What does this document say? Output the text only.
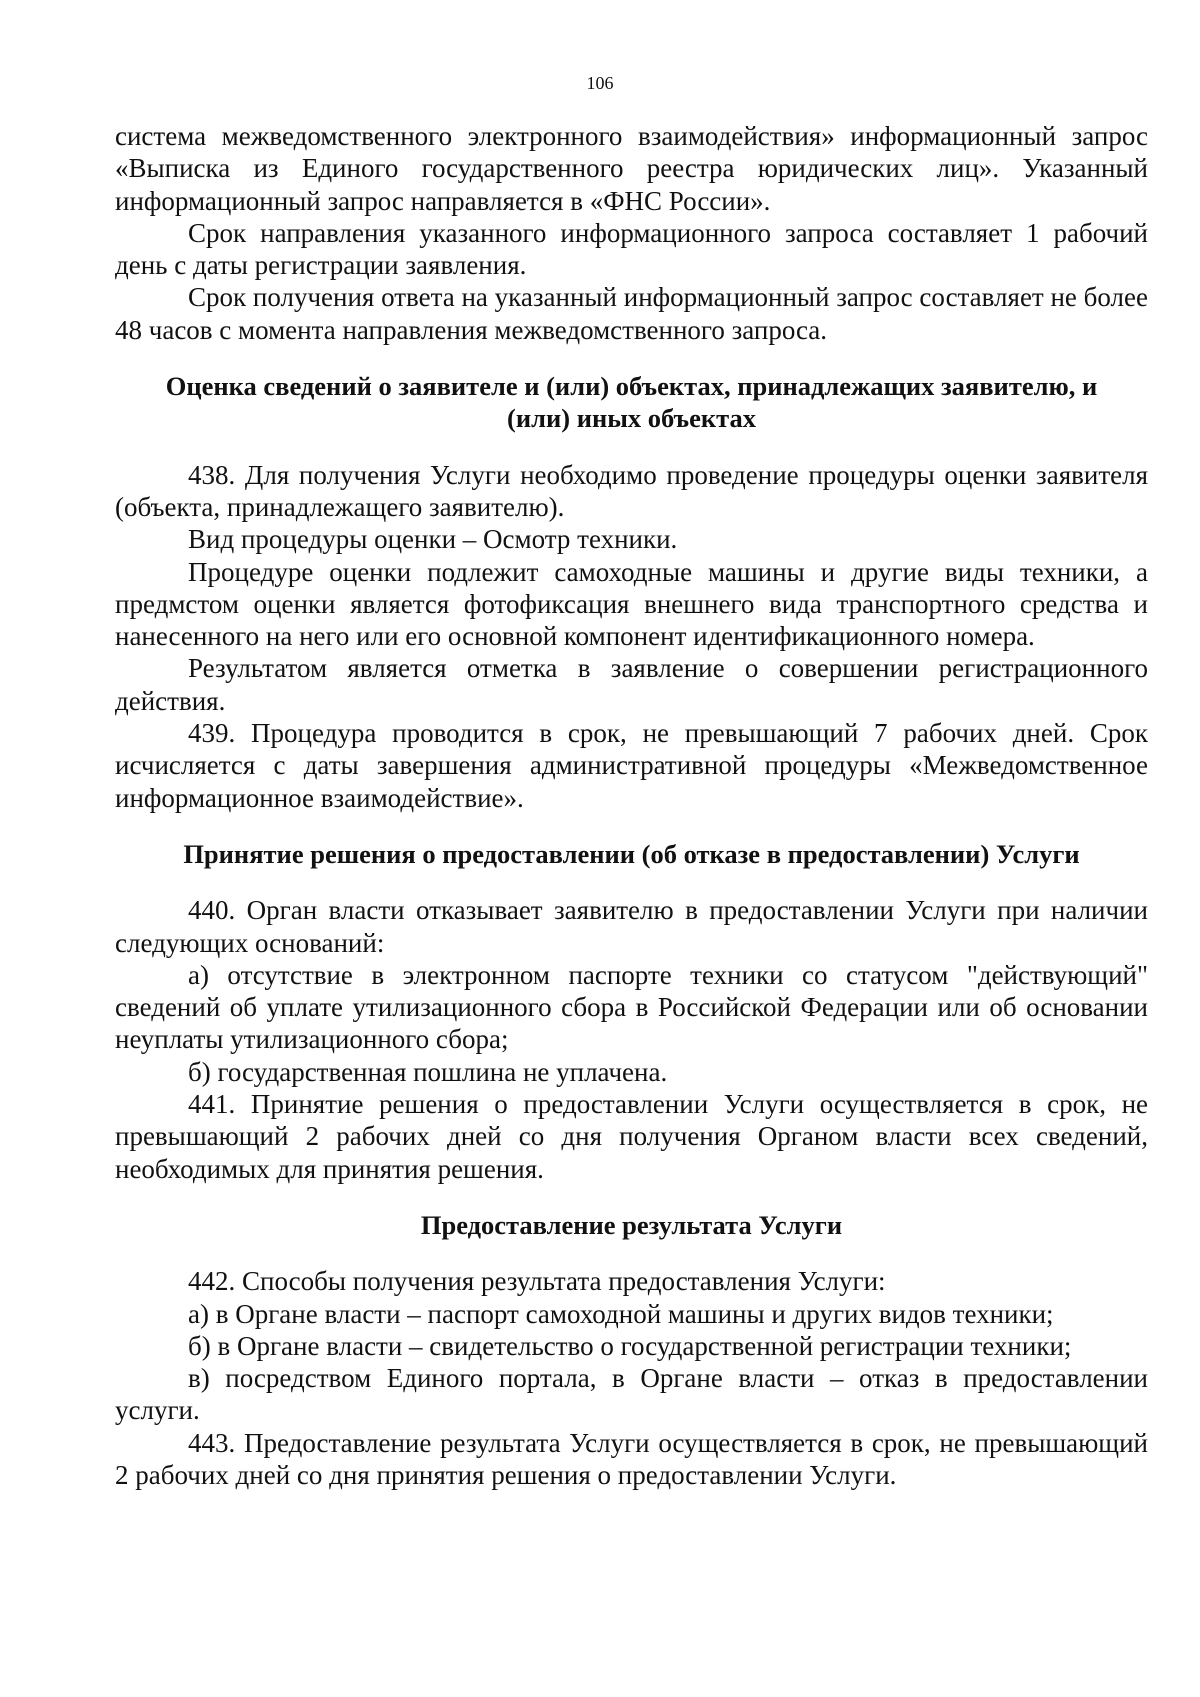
106

система межведомственного электронного взаимодействия» информационный запрос «Выписка из Единого государственного реестра юридических лиц». Указанный информационный запрос направляется в «ФНС России».

Срок направления указанного информационного запроса составляет 1 рабочий день с даты регистрации заявления.

Срок получения ответа на указанный информационный запрос составляет не более 48 часов с момента направления межведомственного запроса.

Оценка сведений о заявителе и (или) объектах, принадлежащих заявителю, и
(или) иных объектах

438. Для получения Услуги необходимо проведение процедуры оценки заявителя (объекта, принадлежащего заявителю).

Вид процедуры оценки – Осмотр техники.

Процедуре оценки подлежит самоходные машины и другие виды техники, а предмстом оценки является фотофиксация внешнего вида транспортного средства и нанесенного на него или его основной компонент идентификационного номера.

Результатом является отметка в заявление о совершении регистрационного действия.

439. Процедура проводится в срок, не превышающий 7 рабочих дней. Срок исчисляется с даты завершения административной процедуры «Межведомственное информационное взаимодействие».

Принятие решения о предоставлении (об отказе в предоставлении) Услуги

440. Орган власти отказывает заявителю в предоставлении Услуги при наличии следующих оснований:

а) отсутствие в электронном паспорте техники со статусом "действующий" сведений об уплате утилизационного сбора в Российской Федерации или об основании неуплаты утилизационного сбора;

б) государственная пошлина не уплачена.

441. Принятие решения о предоставлении Услуги осуществляется в срок, не превышающий 2 рабочих дней со дня получения Органом власти всех сведений, необходимых для принятия решения.

Предоставление результата Услуги

442. Способы получения результата предоставления Услуги:

а) в Органе власти – паспорт самоходной машины и других видов техники;

б) в Органе власти – свидетельство о государственной регистрации техники;

в) посредством Единого портала, в Органе власти – отказ в предоставлении услуги.

443. Предоставление результата Услуги осуществляется в срок, не превышающий 2 рабочих дней со дня принятия решения о предоставлении Услуги.
